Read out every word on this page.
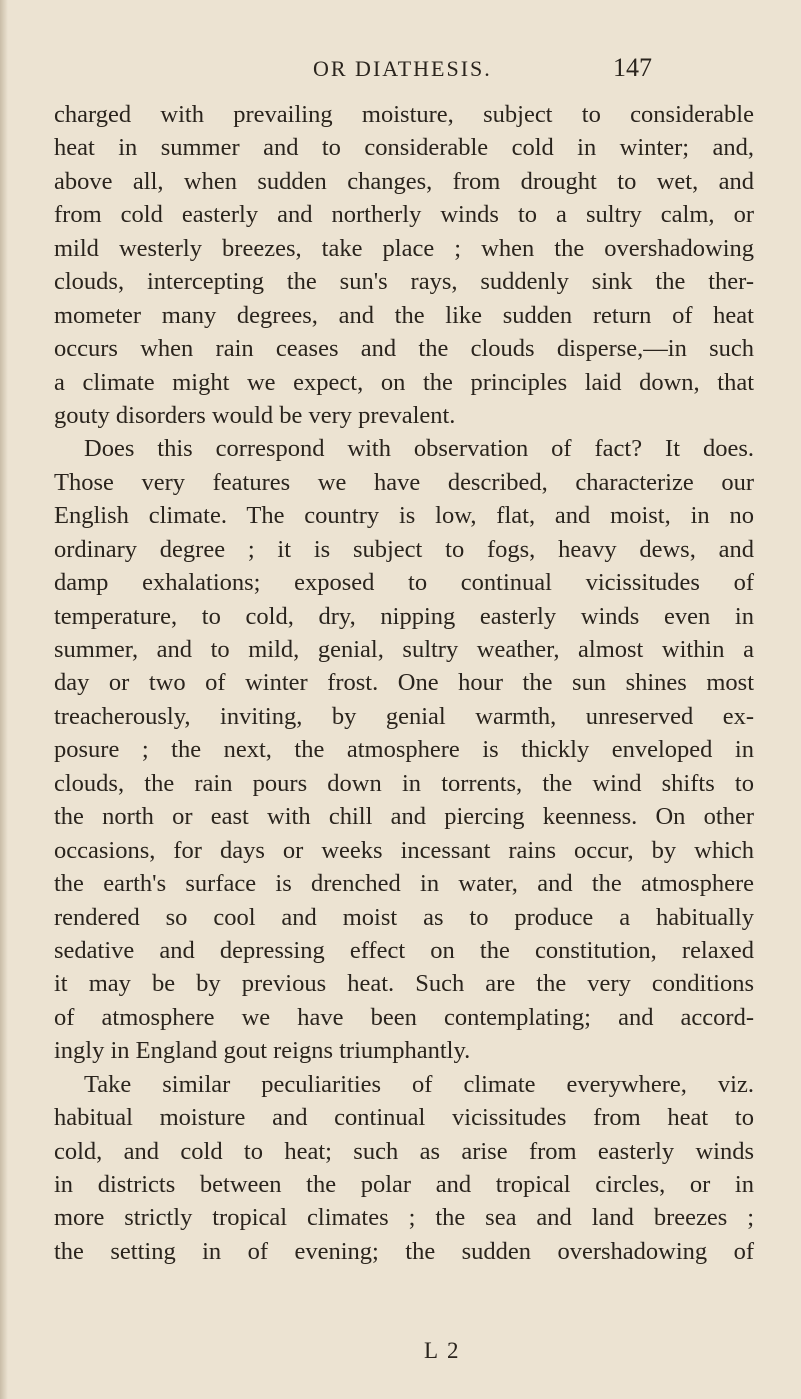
OR DIATHESIS.	147
charged with prevailing moisture, subject to considerable
heat in summer and to considerable cold in winter; and,
above all, when sudden changes, from drought to wet, and
from cold easterly and northerly winds to a sultry calm, or
mild westerly breezes, take place ; when the overshadowing
clouds, intercepting the sun's rays, suddenly sink the ther-
mometer many degrees, and the like sudden return of heat
occurs when rain ceases and the clouds disperse,—in such
a climate might we expect, on the principles laid down, that
gouty disorders would be very prevalent.
Does this correspond with observation of fact? It does.
Those very features we have described, characterize our
English climate. The country is low, flat, and moist, in no
ordinary degree ; it is subject to fogs, heavy dews, and
damp exhalations; exposed to continual vicissitudes of
temperature, to cold, dry, nipping easterly winds even in
summer, and to mild, genial, sultry weather, almost within a
day or two of winter frost. One hour the sun shines most
treacherously, inviting, by genial warmth, unreserved ex-
posure ; the next, the atmosphere is thickly enveloped in
clouds, the rain pours down in torrents, the wind shifts to
the north or east with chill and piercing keenness. On other
occasions, for days or weeks incessant rains occur, by which
the earth's surface is drenched in water, and the atmosphere
rendered so cool and moist as to produce a habitually
sedative and depressing effect on the constitution, relaxed
it may be by previous heat. Such are the very conditions
of atmosphere we have been contemplating; and accord-
ingly in England gout reigns triumphantly.
Take similar peculiarities of climate everywhere, viz.
habitual moisture and continual vicissitudes from heat to
cold, and cold to heat; such as arise from easterly winds
in districts between the polar and tropical circles, or in
more strictly tropical climates ; the sea and land breezes ;
the setting in of evening; the sudden overshadowing of
L 2
